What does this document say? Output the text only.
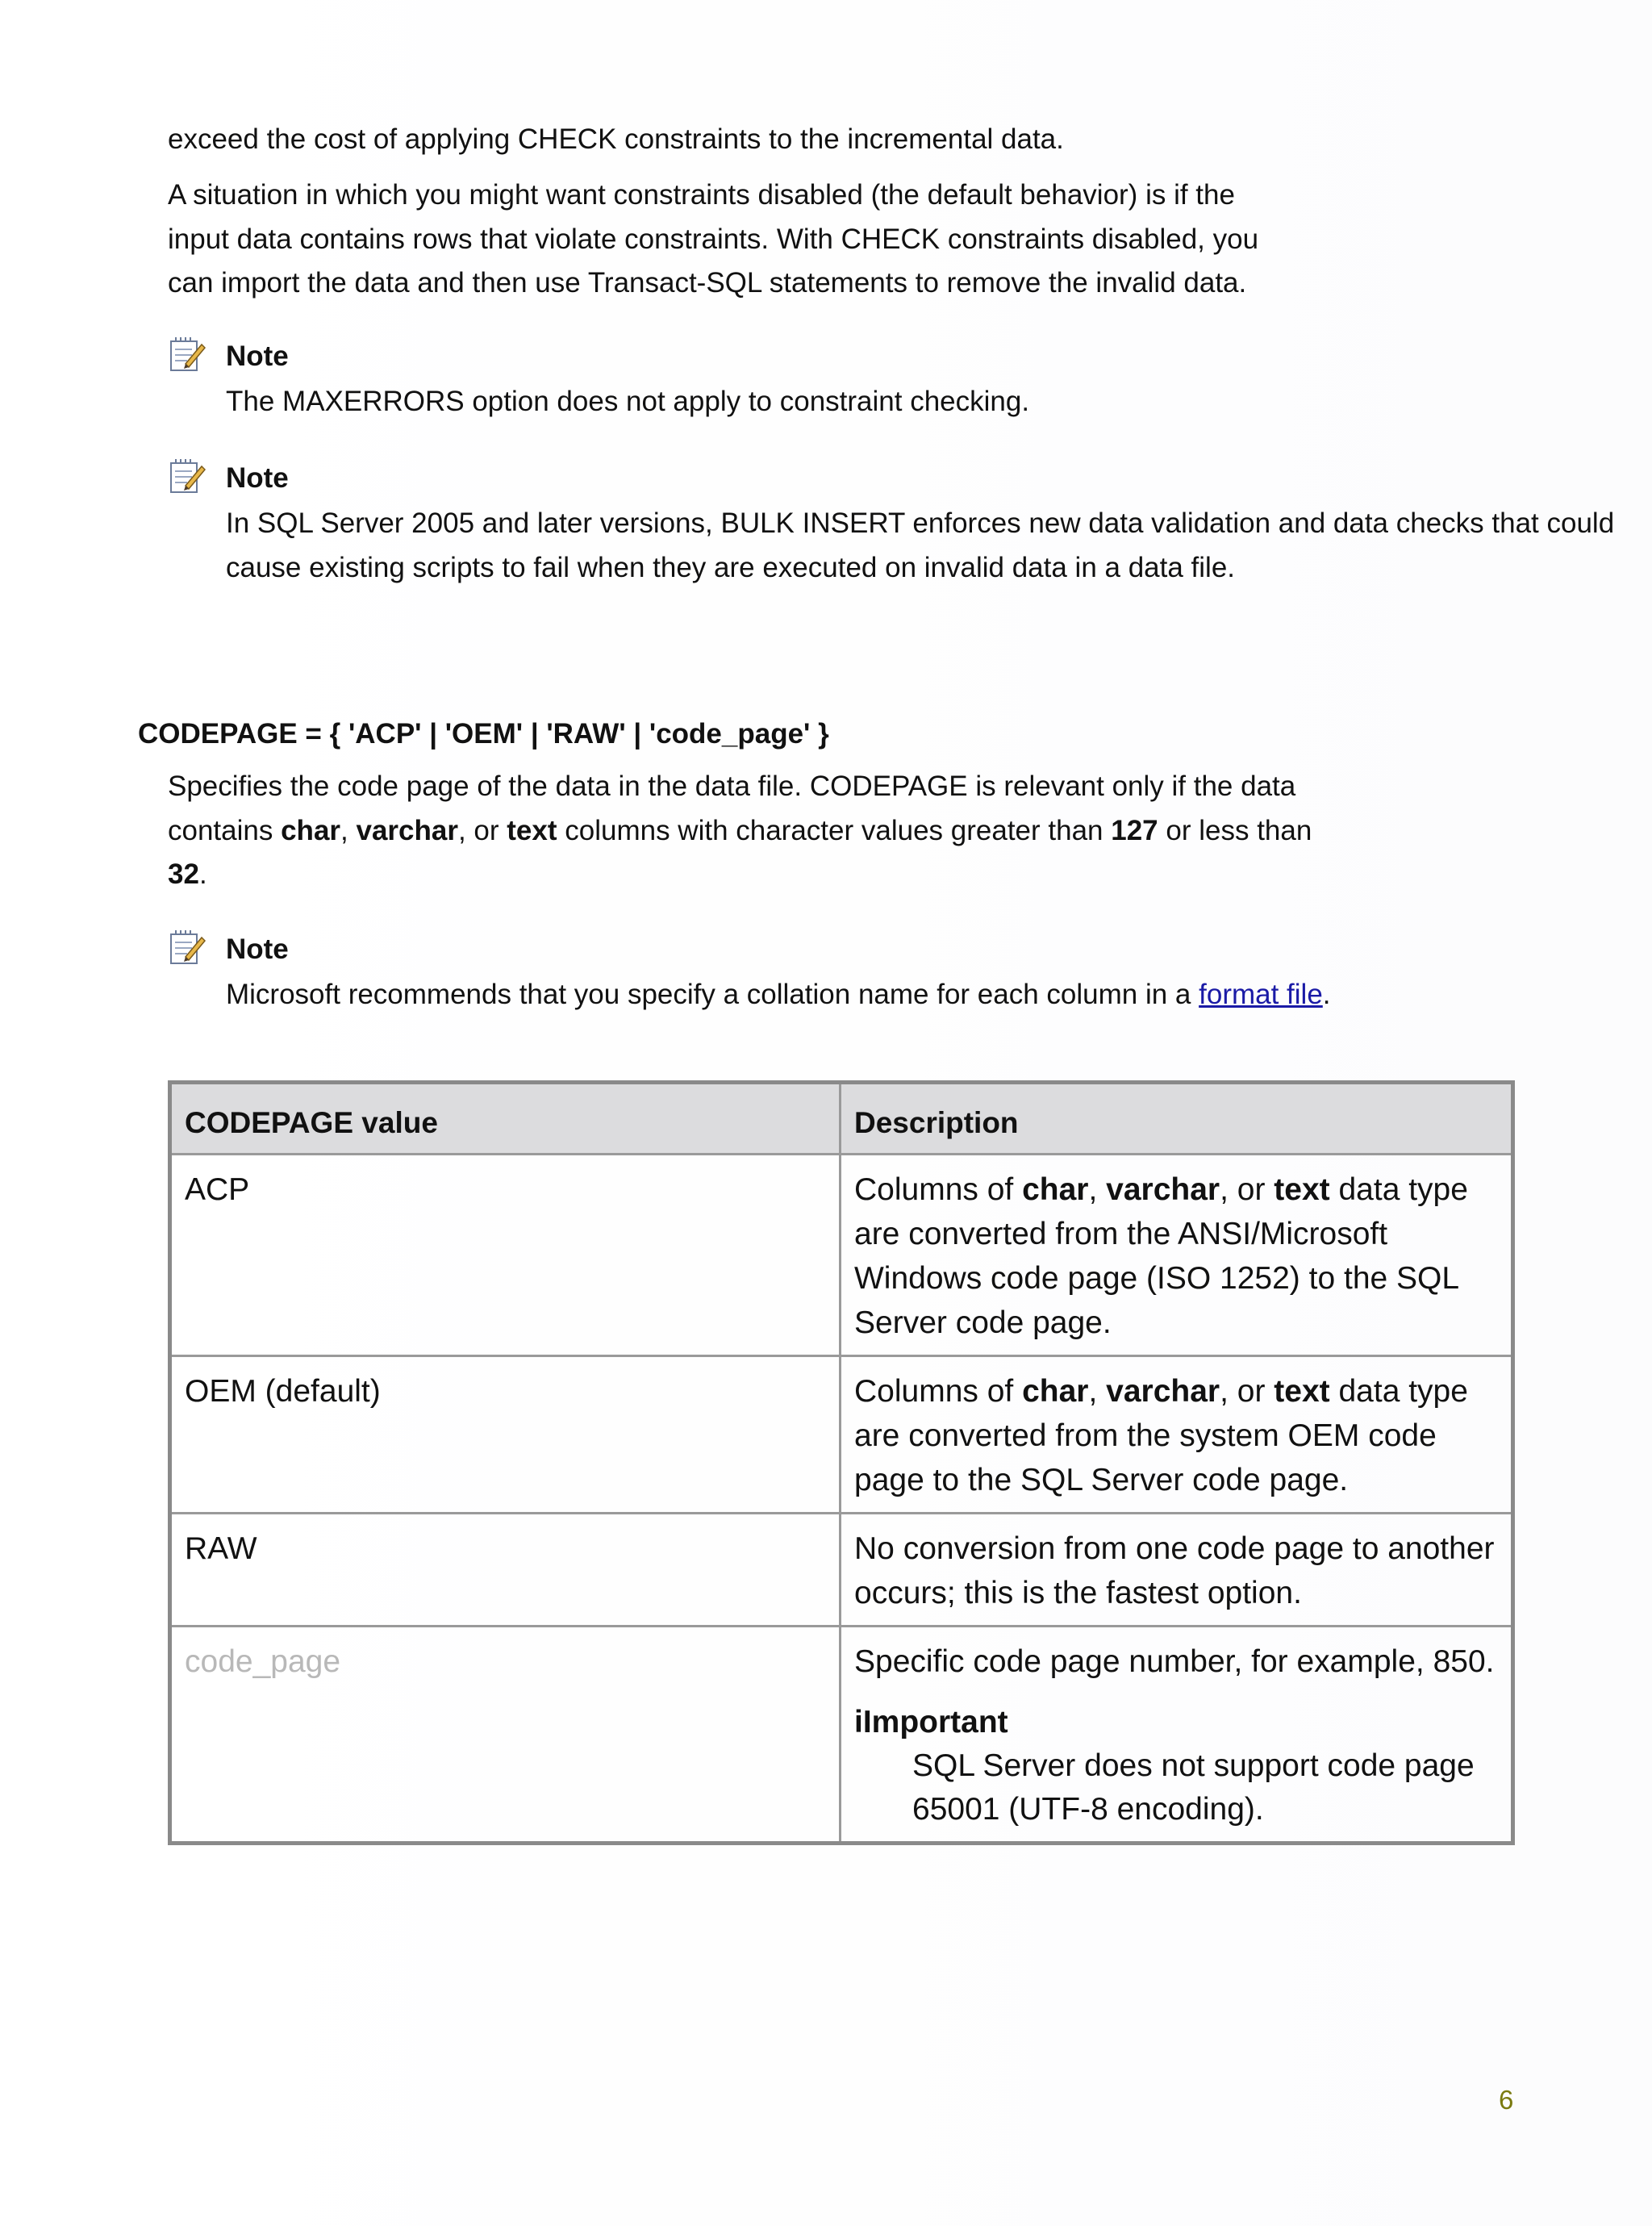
exceed the cost of applying CHECK constraints to the incremental data.

A situation in which you might want constraints disabled (the default behavior) is if the input data contains rows that violate constraints. With CHECK constraints disabled, you can import the data and then use Transact-SQL statements to remove the invalid data.

Note
The MAXERRORS option does not apply to constraint checking.
Note
In SQL Server 2005 and later versions, BULK INSERT enforces new data validation and data checks that could cause existing scripts to fail when they are executed on invalid data in a data file.
CODEPAGE = { 'ACP' | 'OEM' | 'RAW' | 'code_page' }

Specifies the code page of the data in the data file. CODEPAGE is relevant only if the data contains char, varchar, or text columns with character values greater than 127 or less than 32.

Note
Microsoft recommends that you specify a collation name for each column in a format file.
CODEPAGE value	Description
ACP	Columns of char, varchar, or text data type are converted from the ANSI/Microsoft Windows code page (ISO 1252) to the SQL Server code page.
OEM (default)	Columns of char, varchar, or text data type are converted from the system OEM code page to the SQL Server code page.
RAW	No conversion from one code page to another occurs; this is the fastest option.
code_page	Specific code page number, for example, 850.
iImportant
SQL Server does not support code page 65001 (UTF-8 encoding).
6
